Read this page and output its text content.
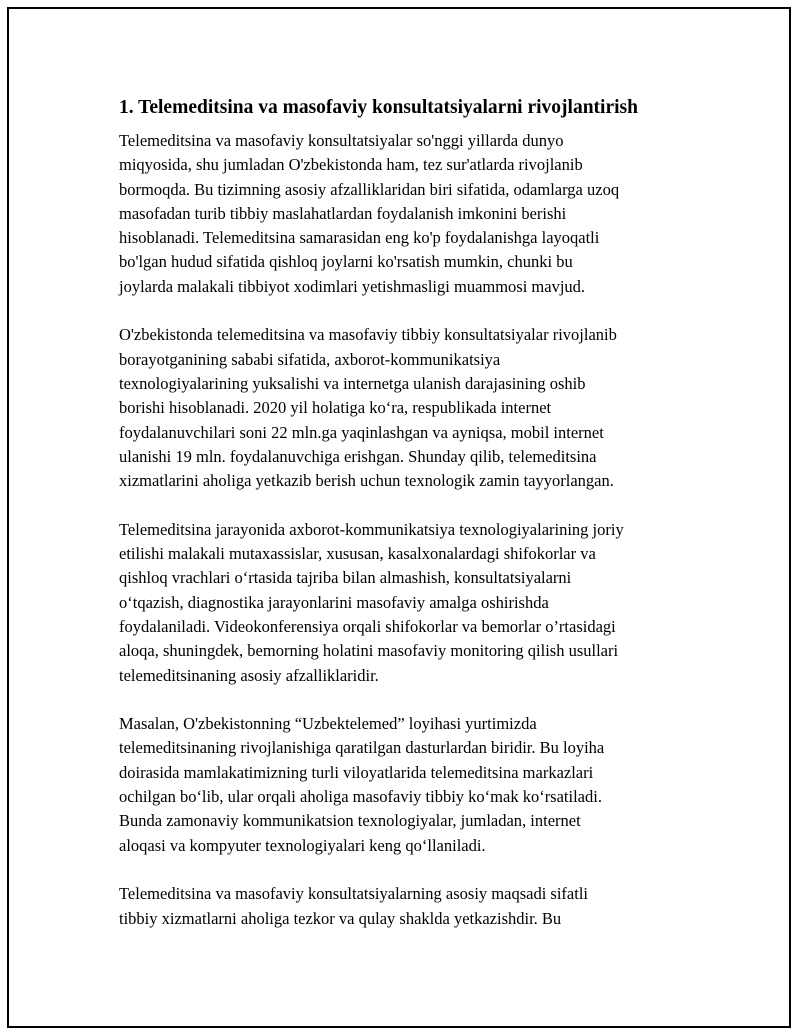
1. Telemeditsina va masofaviy konsultatsiyalarni rivojlantirish
Telemeditsina va masofaviy konsultatsiyalar so'nggi yillarda dunyo
miqyosida, shu jumladan O'zbekistonda ham, tez sur'atlarda rivojlanib
bormoqda. Bu tizimning asosiy afzalliklaridan biri sifatida, odamlarga uzoq
masofadan turib tibbiy maslahatlardan foydalanish imkonini berishi
hisoblanadi. Telemeditsina samarasidan eng ko'p foydalanishga layoqatli
bo'lgan hudud sifatida qishloq joylarni ko'rsatish mumkin, chunki bu
joylarda malakali tibbiyot xodimlari yetishmasligi muammosi mavjud.
O'zbekistonda telemeditsina va masofaviy tibbiy konsultatsiyalar rivojlanib
borayotganining sababi sifatida, axborot-kommunikatsiya
texnologiyalarining yuksalishi va internetga ulanish darajasining oshib
borishi hisoblanadi. 2020 yil holatiga koʻra, respublikada internet
foydalanuvchilari soni 22 mln.ga yaqinlashgan va ayniqsa, mobil internet
ulanishi 19 mln. foydalanuvchiga erishgan. Shunday qilib, telemeditsina
xizmatlarini aholiga yetkazib berish uchun texnologik zamin tayyorlangan.
Telemeditsina jarayonida axborot-kommunikatsiya texnologiyalarining joriy
etilishi malakali mutaxassislar, xususan, kasalxonalardagi shifokorlar va
qishloq vrachlari oʻrtasida tajriba bilan almashish, konsultatsiyalarni
oʻtqazish, diagnostika jarayonlarini masofaviy amalga oshirishda
foydalaniladi. Videokonferensiya orqali shifokorlar va bemorlar o’rtasidagi
aloqa, shuningdek, bemorning holatini masofaviy monitoring qilish usullari
telemeditsinaning asosiy afzalliklaridir.
Masalan, O'zbekistonning “Uzbektelemed” loyihasi yurtimizda
telemeditsinaning rivojlanishiga qaratilgan dasturlardan biridir. Bu loyiha
doirasida mamlakatimizning turli viloyatlarida telemeditsina markazlari
ochilgan boʻlib, ular orqali aholiga masofaviy tibbiy koʻmak koʻrsatiladi.
Bunda zamonaviy kommunikatsion texnologiyalar, jumladan, internet
aloqasi va kompyuter texnologiyalari keng qoʻllaniladi.
Telemeditsina va masofaviy konsultatsiyalarning asosiy maqsadi sifatli
tibbiy xizmatlarni aholiga tezkor va qulay shaklda yetkazishdir. Bu
